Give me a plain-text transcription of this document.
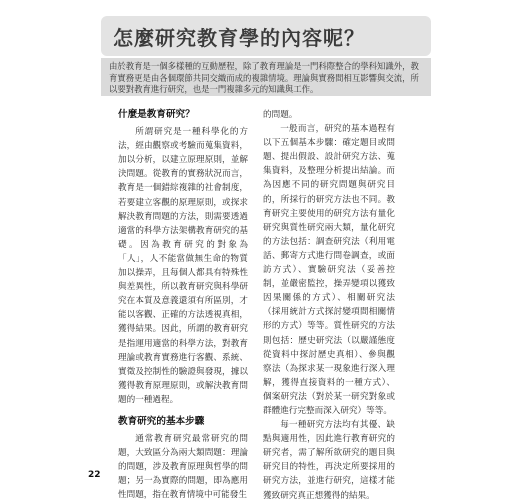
怎麼研究教育學的內容呢？
由於教育是一個多樣種的互動歷程，除了教育理論是一門科際整合的學科知識外，教育實務更是由各個環節共同交織而成的複雜情境。理論與實務間相互影響與交流，所以要對教育進行研究，也是一門複雜多元的知識與工作。
什麼是教育研究？

所謂研究是一種科學化的方法，經由觀察或考驗而蒐集資料，加以分析，以建立原理原則，並解決問題。從教育的實務狀況而言，教育是一個錯綜複雜的社會制度，若要建立客觀的原理原則，或探求解決教育問題的方法，則需要透過適當的科學方法架構教育研究的基礎。因為教育研究的對象為「人」，人不能當做無生命的物質加以操弄，且每個人都具有特殊性與差異性，所以教育研究與科學研究在本質及意義還須有所區別，才能以客觀、正確的方法透視真相，獲得結果。因此，所謂的教育研究是指運用適當的科學方法，對教育理論或教育實務進行客觀、系統、實徵及控制性的驗證與發現，據以獲得教育原理原則，或解決教育問題的一種過程。

教育研究的基本步驟

通常教育研究最常研究的問題，大致區分為兩大類問題：理論的問題，涉及教育原理與哲學的問題；另一為實際的問題，即為應用性問題，指在教育情境中可能發生

的問題。

一般而言，研究的基本過程有以下五個基本步驟：確定題目或問題、提出假設、設計研究方法、蒐集資料，及整理分析提出結論。而為因應不同的研究問題與研究目的，所採行的研究方法也不同。教育研究主要使用的研究方法有量化研究與質性研究兩大類，量化研究的方法包括：調查研究法（利用電話、郵寄方式進行問卷調查，或面訪方式）、實驗研究法（妥善控制，並嚴密監控，操弄變項以獲致因果關係的方式）、相關研究法（採用統計方式探討變項間相關情形的方式）等等。質性研究的方法則包括：歷史研究法（以嚴謹態度從資料中探討歷史真相）、參與觀察法（為探求某一現象進行深入理解，獲得直接資料的一種方式）、個案研究法（對於某一研究對象或群體進行完整而深入研究）等等。

每一種研究方法均有其優、缺點與適用性，因此進行教育研究的研究者，需了解所欲研究的題目與研究目的特性，再決定所要採用的研究方法，並進行研究，這樣才能獲致研究真正想獲得的結果。

22
